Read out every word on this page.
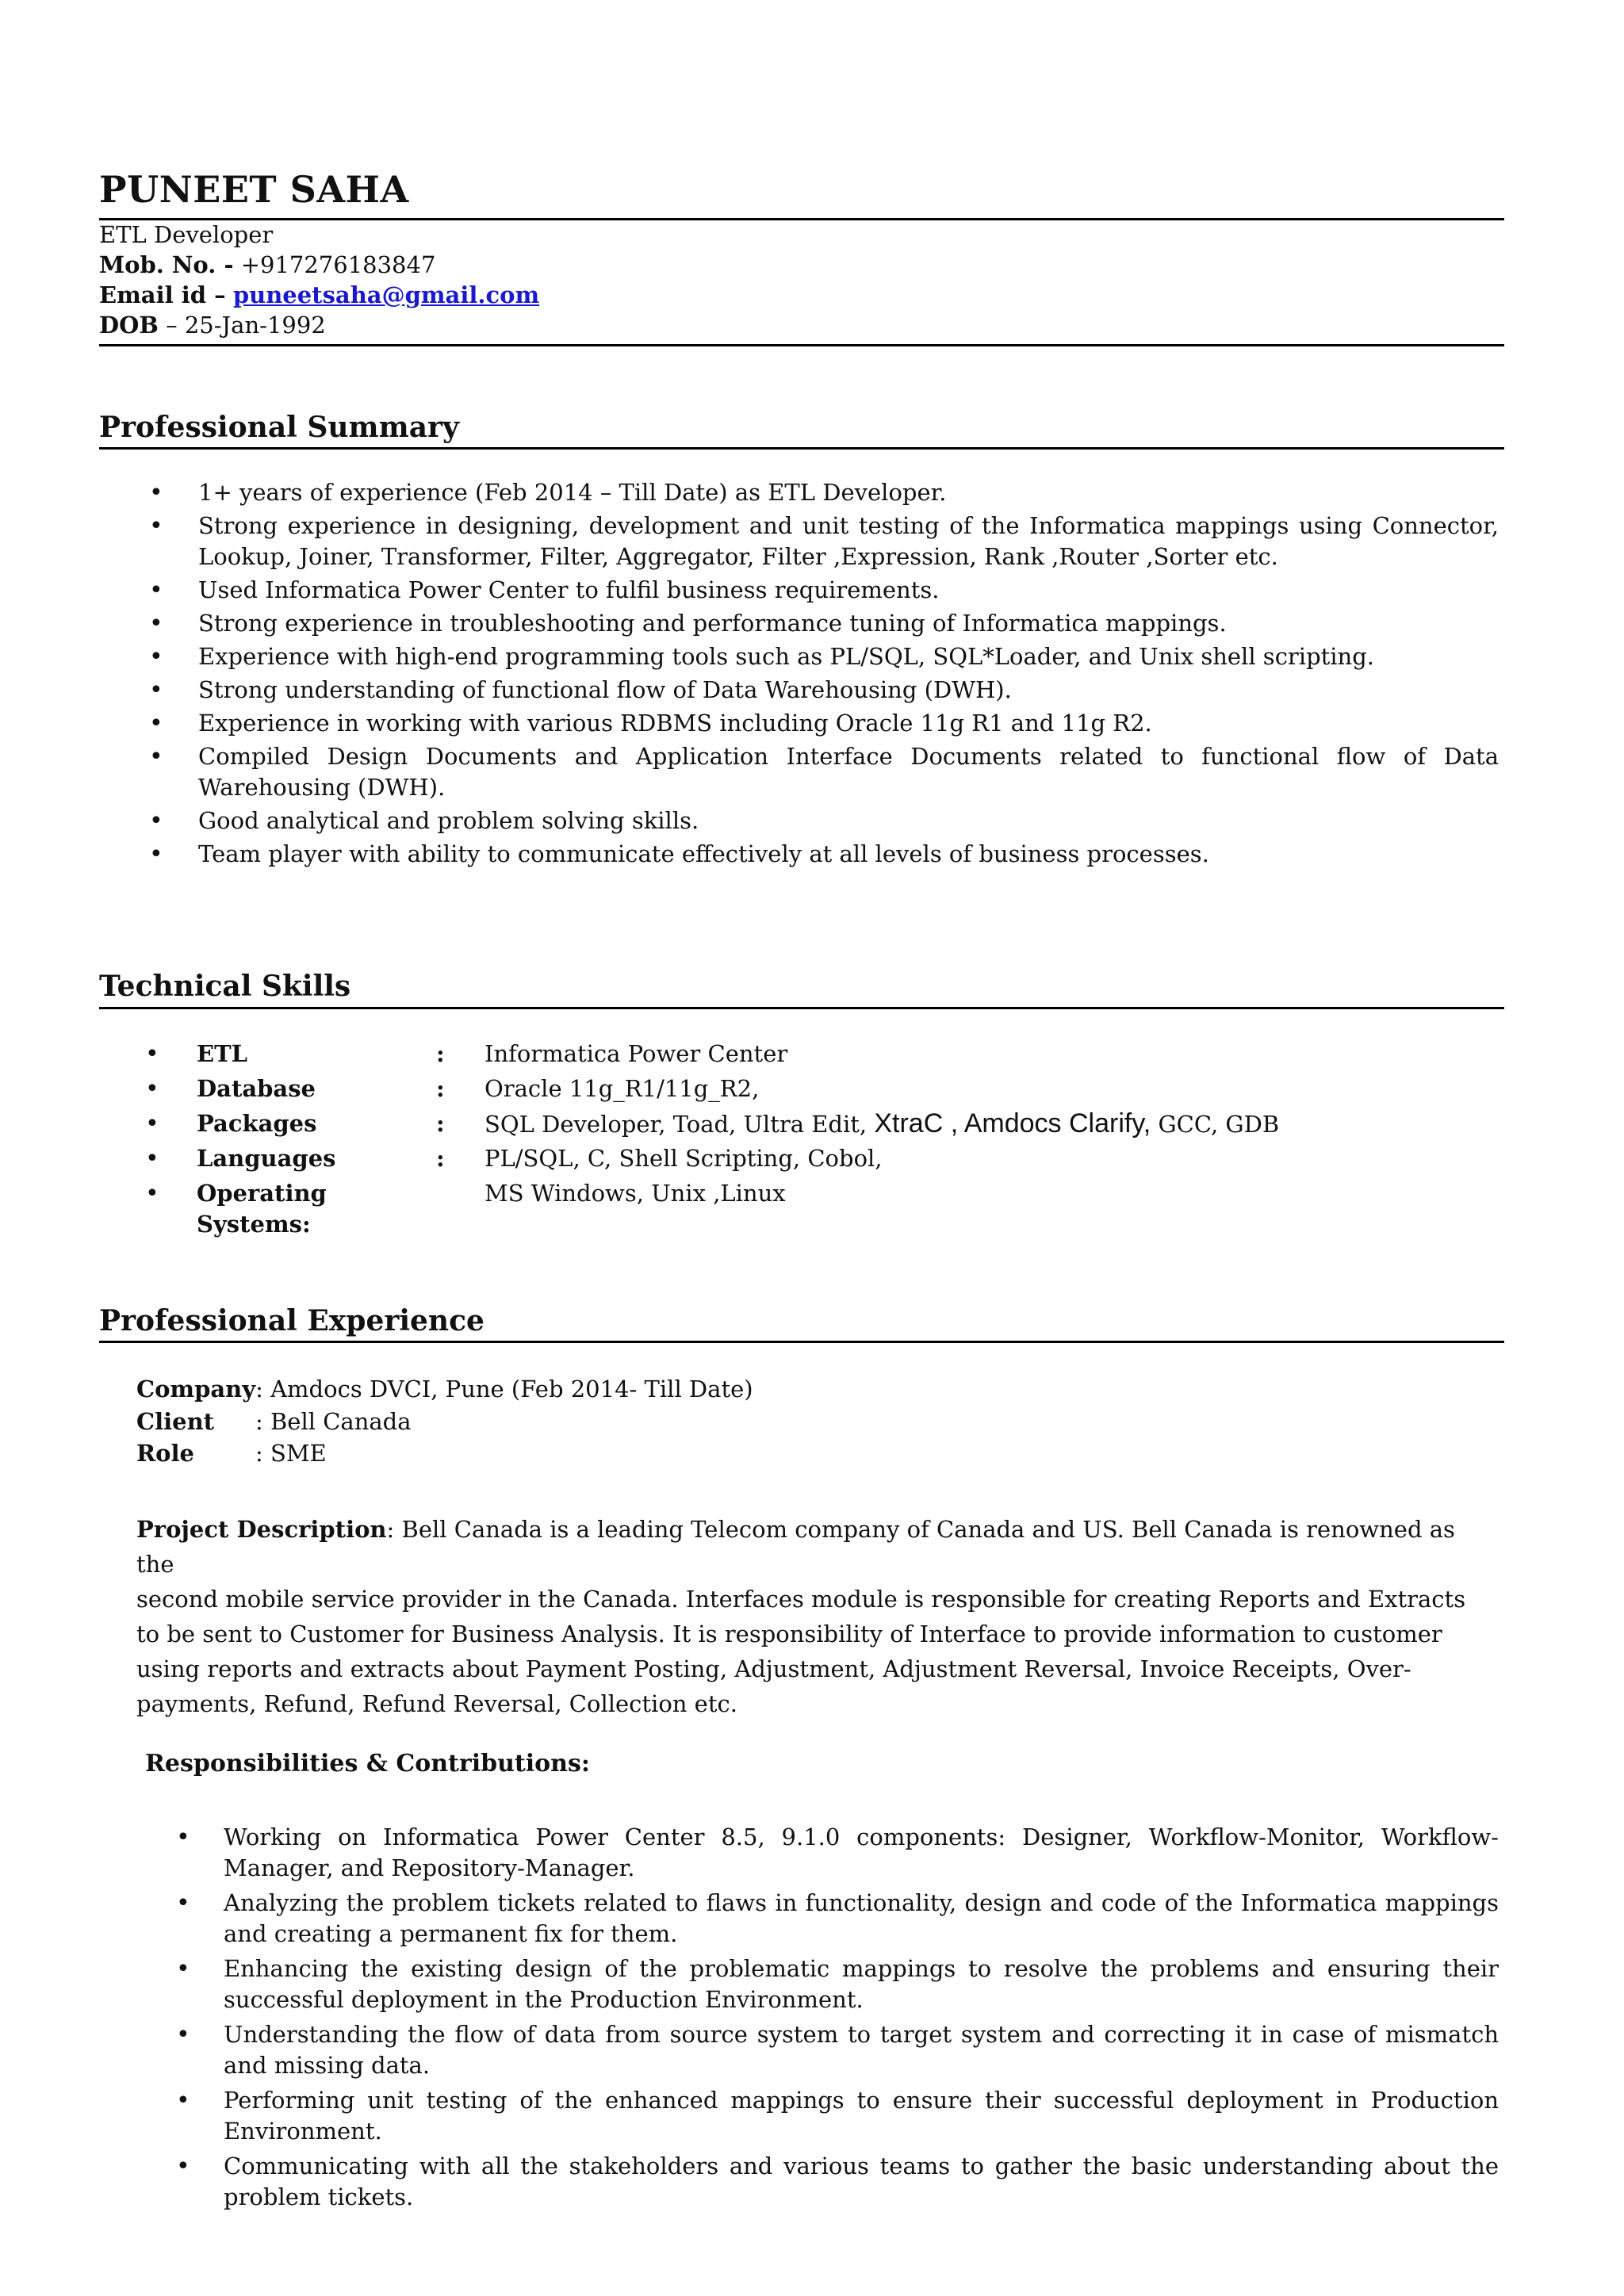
PUNEET SAHA
ETL Developer
Mob. No. - +917276183847
Email id – puneetsaha@gmail.com
DOB – 25-Jan-1992
Professional Summary
• 1+ years of experience (Feb 2014 – Till Date) as ETL Developer.
• Strong experience in designing, development and unit testing of the Informatica mappings using Connector, Lookup, Joiner, Transformer, Filter, Aggregator, Filter ,Expression, Rank ,Router ,Sorter etc.
• Used Informatica Power Center to fulfil business requirements.
• Strong experience in troubleshooting and performance tuning of Informatica mappings.
• Experience with high-end programming tools such as PL/SQL, SQL*Loader, and Unix shell scripting.
• Strong understanding of functional flow of Data Warehousing (DWH).
• Experience in working with various RDBMS including Oracle 11g R1 and 11g R2.
• Compiled Design Documents and Application Interface Documents related to functional flow of Data Warehousing (DWH).
• Good analytical and problem solving skills.
• Team player with ability to communicate effectively at all levels of business processes.
Technical Skills
ETL	: Informatica Power Center
Database	: Oracle 11g_R1/11g_R2,
Packages	: SQL Developer, Toad, Ultra Edit, XtraC , Amdocs Clarify, GCC, GDB
Languages	: PL/SQL, C, Shell Scripting, Cobol,
Operating Systems:
MS Windows, Unix ,Linux
Professional Experience
Company: Amdocs DVCI, Pune (Feb 2014- Till Date)
Client : Bell Canada
Role	: SME
Project Description: Bell Canada is a leading Telecom company of Canada and US. Bell Canada is renowned as the
second mobile service provider in the Canada. Interfaces module is responsible for creating Reports and Extracts
to be sent to Customer for Business Analysis. It is responsibility of Interface to provide information to customer
using reports and extracts about Payment Posting, Adjustment, Adjustment Reversal, Invoice Receipts, Over-
payments, Refund, Refund Reversal, Collection etc.
Responsibilities & Contributions:
• Working on Informatica Power Center 8.5, 9.1.0 components: Designer, Workflow-Monitor, Workflow-Manager, and Repository-Manager.
• Analyzing the problem tickets related to flaws in functionality, design and code of the Informatica mappings and creating a permanent fix for them.
• Enhancing the existing design of the problematic mappings to resolve the problems and ensuring their successful deployment in the Production Environment.
• Understanding the flow of data from source system to target system and correcting it in case of mismatch and missing data.
• Performing unit testing of the enhanced mappings to ensure their successful deployment in Production Environment.
• Communicating with all the stakeholders and various teams to gather the basic understanding about the problem tickets.
